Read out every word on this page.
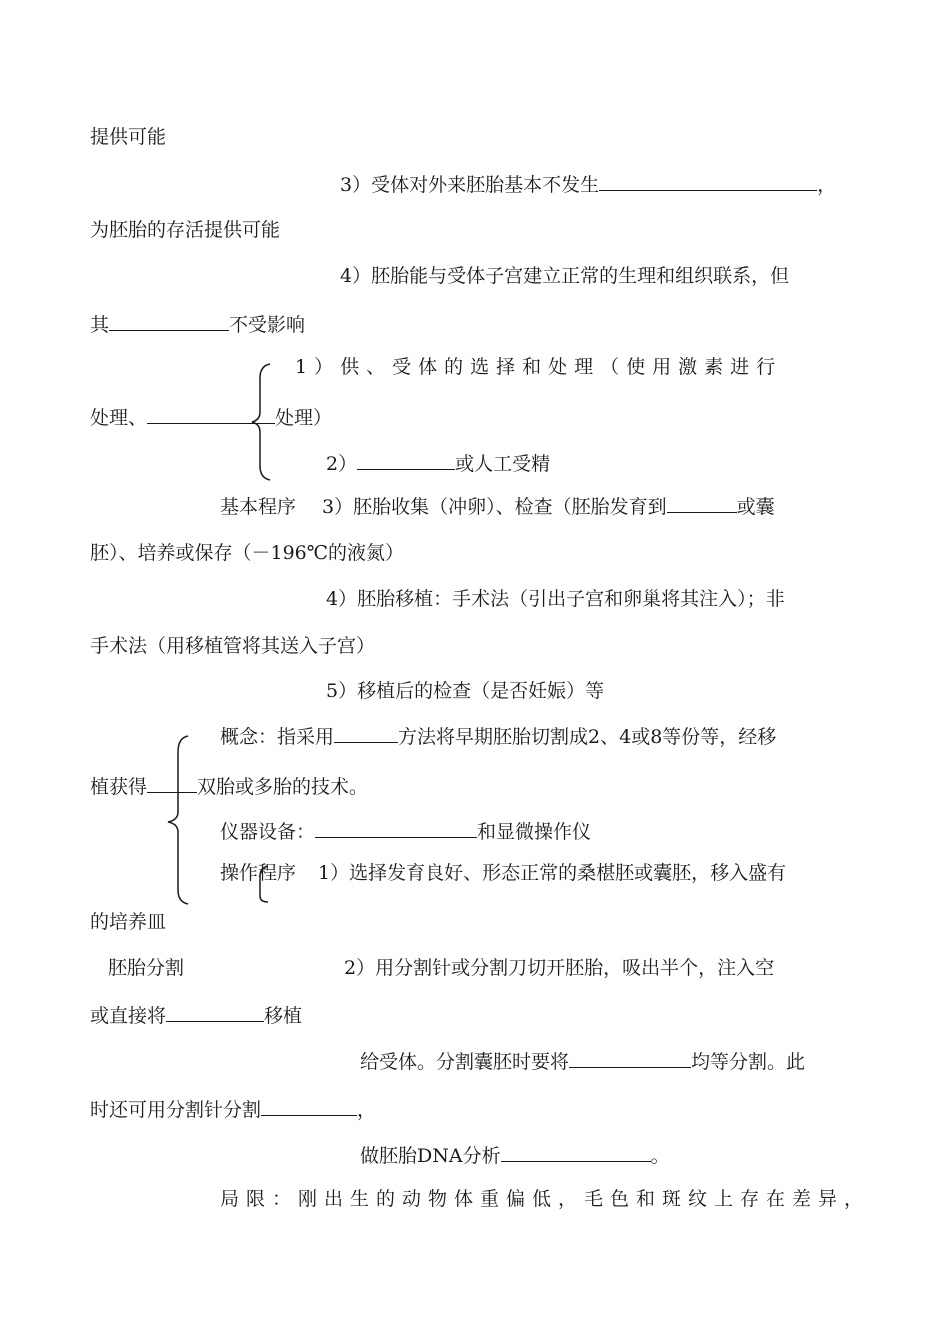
提供可能
3）受体对外来胚胎基本不发生	，
为胚胎的存活提供可能
4）胚胎能与受体子宫建立正常的生理和组织联系，但
其	不受影响
1）供、受体的选择和处理（使用激素进行
处理、	处理）
2）	或人工受精
基本程序 3）胚胎收集（冲卵）、检查（胚胎发育到	或囊
胚）、培养或保存（－196℃的液氮）
4）胚胎移植：手术法（引出子宫和卵巢将其注入）；非
手术法（用移植管将其送入子宫）
5）移植后的检查（是否妊娠）等
概念：指采用	方法将早期胚胎切割成2、4或8等份等，经移
植获得	双胎或多胎的技术。
仪器设备：	和显微操作仪
操作程序 1）选择发育良好、形态正常的桑椹胚或囊胚，移入盛有
的培养皿
胚胎分割	2）用分割针或分割刀切开胚胎，吸出半个，注入空
或直接将	移植
给受体。分割囊胚时要将	均等分割。此
时还可用分割针分割	，
做胚胎DNA分析	。
局限：刚出生的动物体重偏低，毛色和斑纹上存在差异，
